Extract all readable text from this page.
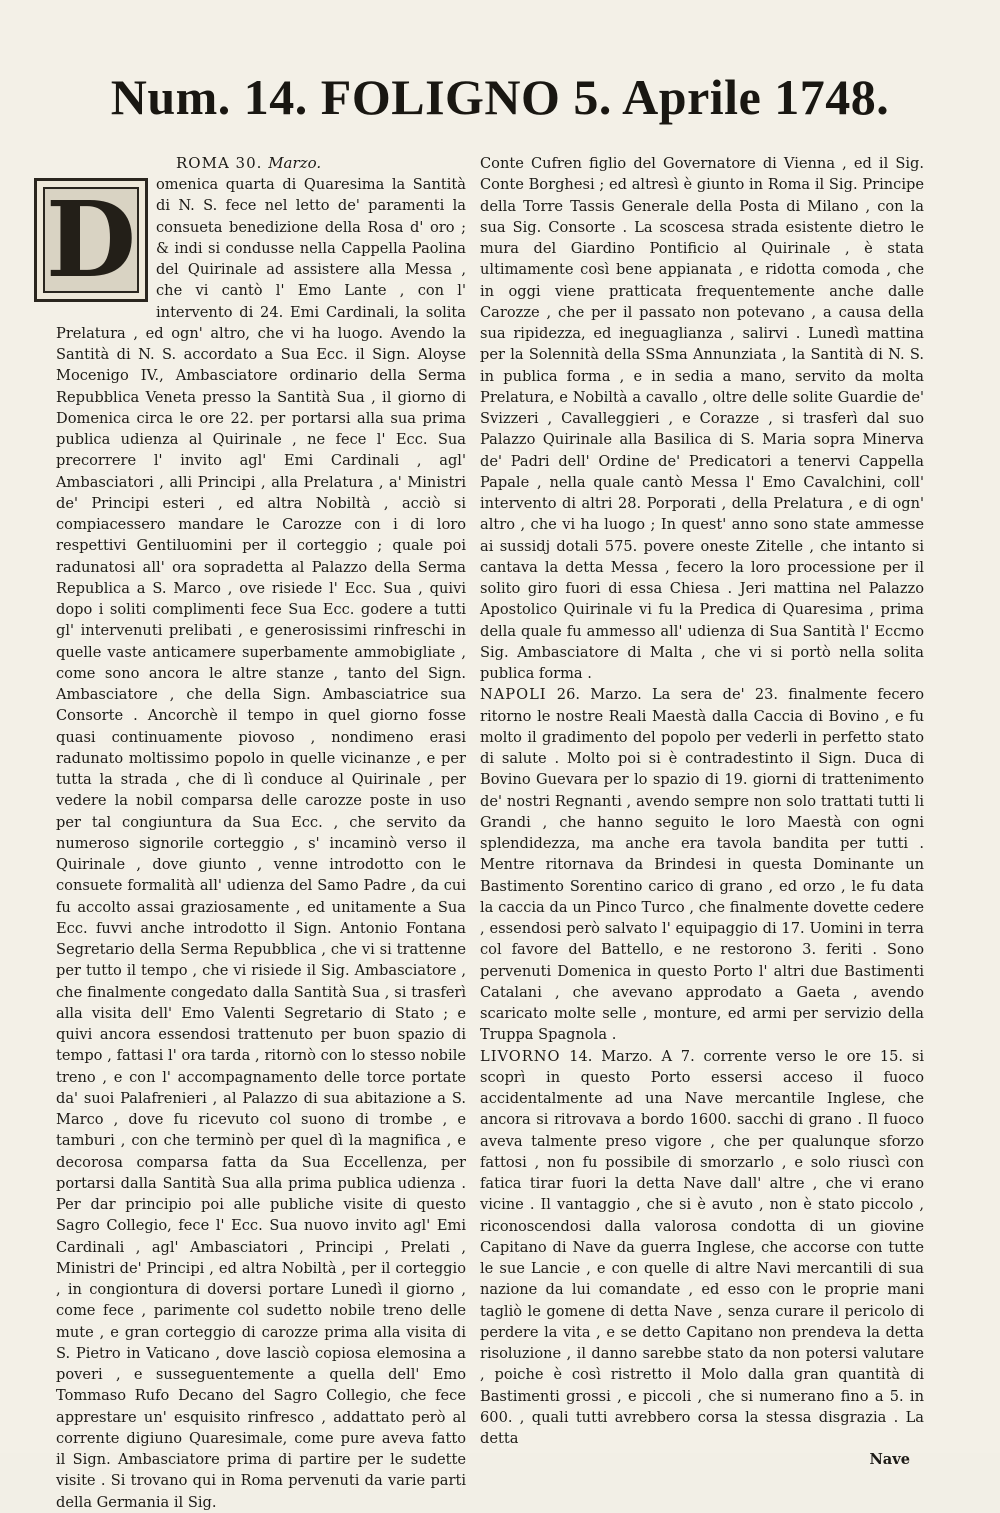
Num. 14. FOLIGNO 5. Aprile 1748.
ROMA 30. Marzo.

D	omenica quarta di Quaresima la Santità di N. S. fece nel letto de' paramenti la consueta benedizione della Rosa d' oro ; & indi si condusse nella Cappella Paolina del Quirinale ad assistere alla Messa , che vi cantò l' Emo Lante , con l' intervento di 24. Emi Cardinali, la solita Prelatura , ed ogn' altro, che vi ha luogo. Avendo la Santità di N. S. accordato a Sua Ecc. il Sign. Aloyse Mocenigo IV., Ambasciatore ordinario della Serma Repubblica Veneta presso la Santità Sua , il giorno di Domenica circa le ore 22. per portarsi alla sua prima publica udienza al Quirinale , ne fece l' Ecc. Sua precorrere l' invito agl' Emi Cardinali , agl' Ambasciatori , alli Principi , alla Prelatura , a' Ministri de' Principi esteri , ed altra Nobiltà , acciò si compiacessero mandare le Carozze con i di loro respettivi Gentiluomini per il corteggio ; quale poi radunatosi all' ora sopradetta al Palazzo della Serma Republica a S. Marco , ove risiede l' Ecc. Sua , quivi dopo i soliti complimenti fece Sua Ecc. godere a tutti gl' intervenuti prelibati , e generosissimi rinfreschi in quelle vaste anticamere superbamente ammobigliate , come sono ancora le altre stanze , tanto del Sign. Ambasciatore , che della Sign. Ambasciatrice sua Consorte . Ancorchè il tempo in quel giorno fosse quasi continuamente piovoso , nondimeno erasi radunato moltissimo popolo in quelle vicinanze , e per tutta la strada , che di lì conduce al Quirinale , per vedere la nobil comparsa delle carozze poste in uso per tal congiuntura da Sua Ecc. , che servito da numeroso signorile corteggio , s' incaminò verso il Quirinale , dove giunto , venne introdotto con le consuete formalità all' udienza del Samo Padre , da cui fu accolto assai graziosamente , ed unitamente a Sua Ecc. fuvvi anche introdotto il Sign. Antonio Fontana Segretario della Serma Repubblica , che vi si trattenne per tutto il tempo , che vi risiede il Sig. Ambasciatore , che finalmente congedato dalla Santità Sua , si trasferì alla visita dell' Emo Valenti Segretario di Stato ; e quivi ancora essendosi trattenuto per buon spazio di tempo , fattasi l' ora tarda , ritornò con lo stesso nobile treno , e con l' accompagnamento delle torce portate da' suoi Palafrenieri , al Palazzo di sua abitazione a S. Marco , dove fu ricevuto col suono di trombe , e tamburi , con che terminò per quel dì la magnifica , e decorosa comparsa fatta da Sua Eccellenza, per portarsi dalla Santità Sua alla prima publica udienza . Per dar principio poi alle publiche visite di questo Sagro Collegio, fece l' Ecc. Sua nuovo invito agl' Emi Cardinali , agl' Ambasciatori , Principi , Prelati , Ministri de' Principi , ed altra Nobiltà , per il corteggio , in congiontura di doversi portare Lunedì il giorno , come fece , parimente col sudetto nobile treno delle mute , e gran corteggio di carozze prima alla visita di S. Pietro in Vaticano , dove lasciò copiosa elemosina a poveri , e susseguentemente a quella dell' Emo Tommaso Rufo Decano del Sagro Collegio, che fece apprestare un' esquisito rinfresco , addattato però al corrente digiuno Quaresimale, come pure aveva fatto il Sign. Ambasciatore prima di partire per le sudette visite . Si trovano qui in Roma pervenuti da varie parti della Germania il Sig.

Conte Cufren figlio del Governatore di Vienna , ed il Sig. Conte Borghesi ; ed altresì è giunto in Roma il Sig. Principe della Torre Tassis Generale della Posta di Milano , con la sua Sig. Consorte . La scoscesa strada esistente dietro le mura del Giardino Pontificio al Quirinale , è stata ultimamente così bene appianata , e ridotta comoda , che in oggi viene pratticata frequentemente anche dalle Carozze , che per il passato non potevano , a causa della sua ripidezza, ed ineguaglianza , salirvi . Lunedì mattina per la Solennità della SSma Annunziata , la Santità di N. S. in publica forma , e in sedia a mano, servito da molta Prelatura, e Nobiltà a cavallo , oltre delle solite Guardie de' Svizzeri , Cavalleggieri , e Corazze , si trasferì dal suo Palazzo Quirinale alla Basilica di S. Maria sopra Minerva de' Padri dell' Ordine de' Predicatori a tenervi Cappella Papale , nella quale cantò Messa l' Emo Cavalchini, coll' intervento di altri 28. Porporati , della Prelatura , e di ogn' altro , che vi ha luogo ; In quest' anno sono state ammesse ai sussidj dotali 575. povere oneste Zitelle , che intanto si cantava la detta Messa , fecero la loro processione per il solito giro fuori di essa Chiesa . Jeri mattina nel Palazzo Apostolico Quirinale vi fu la Predica di Quaresima , prima della quale fu ammesso all' udienza di Sua Santità l' Eccmo Sig. Ambasciatore di Malta , che vi si portò nella solita publica forma .

NAPOLI 26. Marzo. La sera de' 23. finalmente fecero ritorno le nostre Reali Maestà dalla Caccia di Bovino , e fu molto il gradimento del popolo per vederli in perfetto stato di salute . Molto poi si è contradestinto il Sign. Duca di Bovino Guevara per lo spazio di 19. giorni di trattenimento de' nostri Regnanti , avendo sempre non solo trattati tutti li Grandi , che hanno seguito le loro Maestà con ogni splendidezza, ma anche era tavola bandita per tutti . Mentre ritornava da Brindesi in questa Dominante un Bastimento Sorentino carico di grano , ed orzo , le fu data la caccia da un Pinco Turco , che finalmente dovette cedere , essendosi però salvato l' equipaggio di 17. Uomini in terra col favore del Battello, e ne restorono 3. feriti . Sono pervenuti Domenica in questo Porto l' altri due Bastimenti Catalani , che avevano approdato a Gaeta , avendo scaricato molte selle , monture, ed armi per servizio della Truppa Spagnola .

LIVORNO 14. Marzo. A 7. corrente verso le ore 15. si scoprì in questo Porto essersi acceso il fuoco accidentalmente ad una Nave mercantile Inglese, che ancora si ritrovava a bordo 1600. sacchi di grano . Il fuoco aveva talmente preso vigore , che per qualunque sforzo fattosi , non fu possibile di smorzarlo , e solo riuscì con fatica tirar fuori la detta Nave dall' altre , che vi erano vicine . Il vantaggio , che si è avuto , non è stato piccolo , riconoscendosi dalla valorosa condotta di un giovine Capitano di Nave da guerra Inglese, che accorse con tutte le sue Lancie , e con quelle di altre Navi mercantili di sua nazione da lui comandate , ed esso con le proprie mani tagliò le gomene di detta Nave , senza curare il pericolo di perdere la vita , e se detto Capitano non prendeva la detta risoluzione , il danno sarebbe stato da non potersi valutare , poiche è così ristretto il Molo dalla gran quantità di Bastimenti grossi , e piccoli , che si numerano fino a 5. in 600. , quali tutti avrebbero corsa la stessa disgrazia . La detta

Nave
